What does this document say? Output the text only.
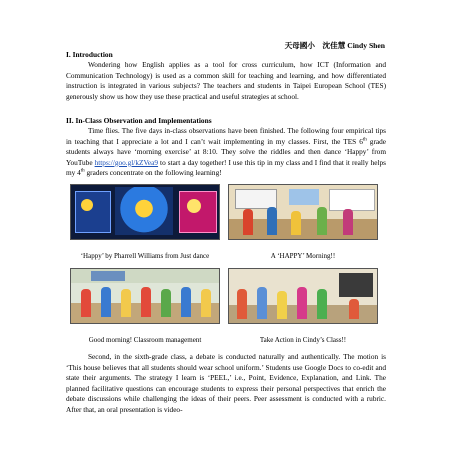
天母國小　沈佳慧 Cindy Shen
I. Introduction
Wondering how English applies as a tool for cross curriculum, how ICT (Information and Communication Technology) is used as a common skill for teaching and learning, and how differentiated instruction is integrated in various subjects? The teachers and students in Taipei European School (TES) generously show us how they use these practical and useful strategies at school.
II. In-Class Observation and Implementations
Time flies. The five days in-class observations have been finished. The following four empirical tips in teaching that I appreciate a lot and I can’t wait implementing in my classes. First, the TES 6th grade students always have ‘morning exercise’ at 8:10. They solve the riddles and then dance ‘Happy’ from YouTube https://goo.gl/kZVea9 to start a day together! I use this tip in my class and I find that it really helps my 4th graders concentrate on the following learning!
‘Happy’ by Pharrell Williams from Just dance	A ‘HAPPY’ Morning!!
Good morning! Classroom management	Take Action in Cindy’s Class!!
Second, in the sixth-grade class, a debate is conducted naturally and authentically. The motion is ‘This house believes that all students should wear school uniform.’ Students use Google Docs to co-edit and state their arguments. The strategy I learn is ‘PEEL,’ i.e., Point, Evidence, Explanation, and Link. The planned facilitative questions can encourage students to express their personal perspectives that enrich the debate discussions while challenging the ideas of their peers. Peer assessment is conducted with a rubric. After that, an oral presentation is video-
